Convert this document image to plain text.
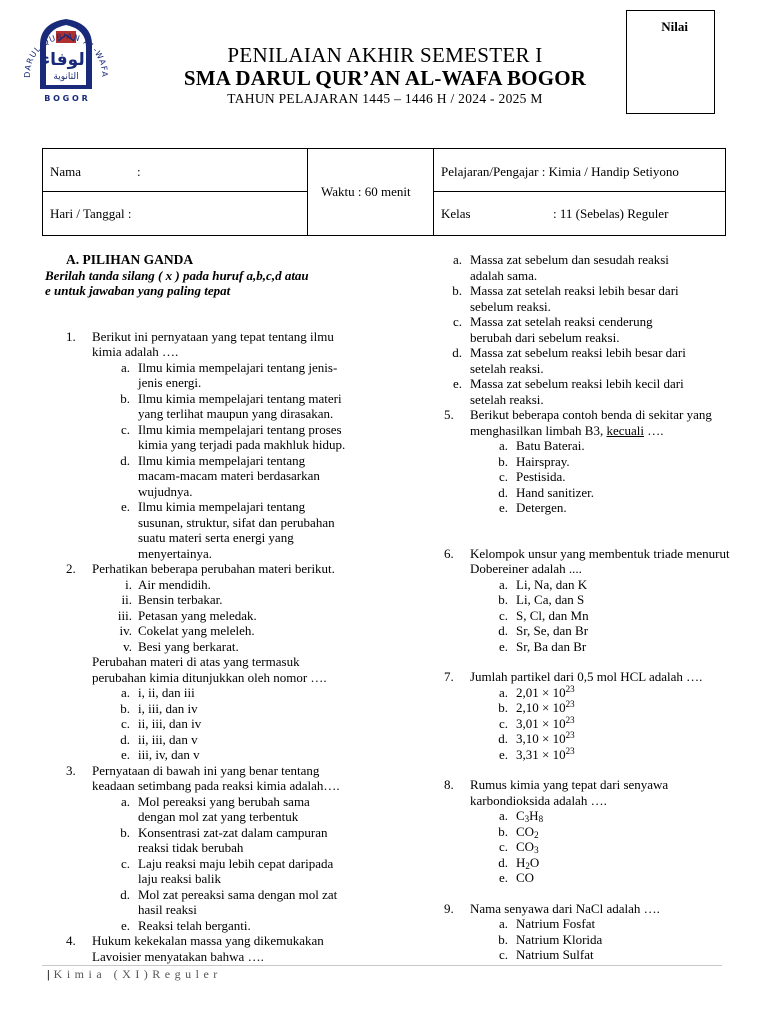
الوفاء
الثانوية
DARUL QUR'AN AL-WAFA
B O G O R
PENILAIAN AKHIR SEMESTER I
SMA DARUL QUR’AN AL-WAFA BOGOR
TAHUN PELAJARAN 1445 – 1446 H / 2024 - 2025 M
Nilai
Nama	:
Hari / Tanggal :
Waktu : 60 menit
Pelajaran/Pengajar : Kimia / Handip Setiyono
Kelas	: 11 (Sebelas) Reguler
A. PILIHAN GANDA
Berilah tanda silang ( x ) pada huruf a,b,c,d atau
e untuk jawaban yang paling tepat
1. Berikut ini pernyataan yang tepat tentang ilmu
kimia adalah ….
a. Ilmu kimia mempelajari tentang jenis-
jenis energi.
b. Ilmu kimia mempelajari tentang materi
yang terlihat maupun yang dirasakan.
c. Ilmu kimia mempelajari tentang proses
kimia yang terjadi pada makhluk hidup.
d. Ilmu kimia mempelajari tentang
macam-macam materi berdasarkan
wujudnya.
e. Ilmu kimia mempelajari tentang
susunan, struktur, sifat dan perubahan
suatu materi serta energi yang
menyertainya.
2. Perhatikan beberapa perubahan materi berikut.
i. Air mendidih.
ii. Bensin terbakar.
iii. Petasan yang meledak.
iv. Cokelat yang meleleh.
v. Besi yang berkarat.
Perubahan materi di atas yang termasuk
perubahan kimia ditunjukkan oleh nomor ….
a. i, ii, dan iii
b. i, iii, dan iv
c. ii, iii, dan iv
d. ii, iii, dan v
e. iii, iv, dan v
3. Pernyataan di bawah ini yang benar tentang
keadaan setimbang pada reaksi kimia adalah….
a. Mol pereaksi yang berubah sama
dengan mol zat yang terbentuk
b. Konsentrasi zat-zat dalam campuran
reaksi tidak berubah
c. Laju reaksi maju lebih cepat daripada
laju reaksi balik
d. Mol zat pereaksi sama dengan mol zat
hasil reaksi
e. Reaksi telah berganti.
4. Hukum kekekalan massa yang dikemukakan
Lavoisier menyatakan bahwa ….
a. Massa zat sebelum dan sesudah reaksi
adalah sama.
b. Massa zat setelah reaksi lebih besar dari
sebelum reaksi.
c. Massa zat setelah reaksi cenderung
berubah dari sebelum reaksi.
d. Massa zat sebelum reaksi lebih besar dari
setelah reaksi.
e. Massa zat sebelum reaksi lebih kecil dari
setelah reaksi.
5. Berikut beberapa contoh benda di sekitar yang
menghasilkan limbah B3, kecuali ….
a. Batu Baterai.
b. Hairspray.
c. Pestisida.
d. Hand sanitizer.
e. Detergen.
6. Kelompok unsur yang membentuk triade menurut
Dobereiner adalah ....
a. Li, Na, dan K
b. Li, Ca, dan S
c. S, Cl, dan Mn
d. Sr, Se, dan Br
e. Sr, Ba dan Br
7. Jumlah partikel dari 0,5 mol HCL adalah ….
a. $2,01 \times 10^{23}$
b. $2,10 \times 10^{23}$
c. $3,01 \times 10^{23}$
d. $3,10 \times 10^{23}$
e. $3,31 \times 10^{23}$
8. Rumus kimia yang tepat dari senyawa
karbondioksida adalah ….
a. $C_3H_8$
b. $CO_2$
c. $CO_3$
d. $H_2O$
e. CO
9. Nama senyawa dari NaCl adalah ….
a. Natrium Fosfat
b. Natrium Klorida
c. Natrium Sulfat
| Kimia (XI)Reguler
